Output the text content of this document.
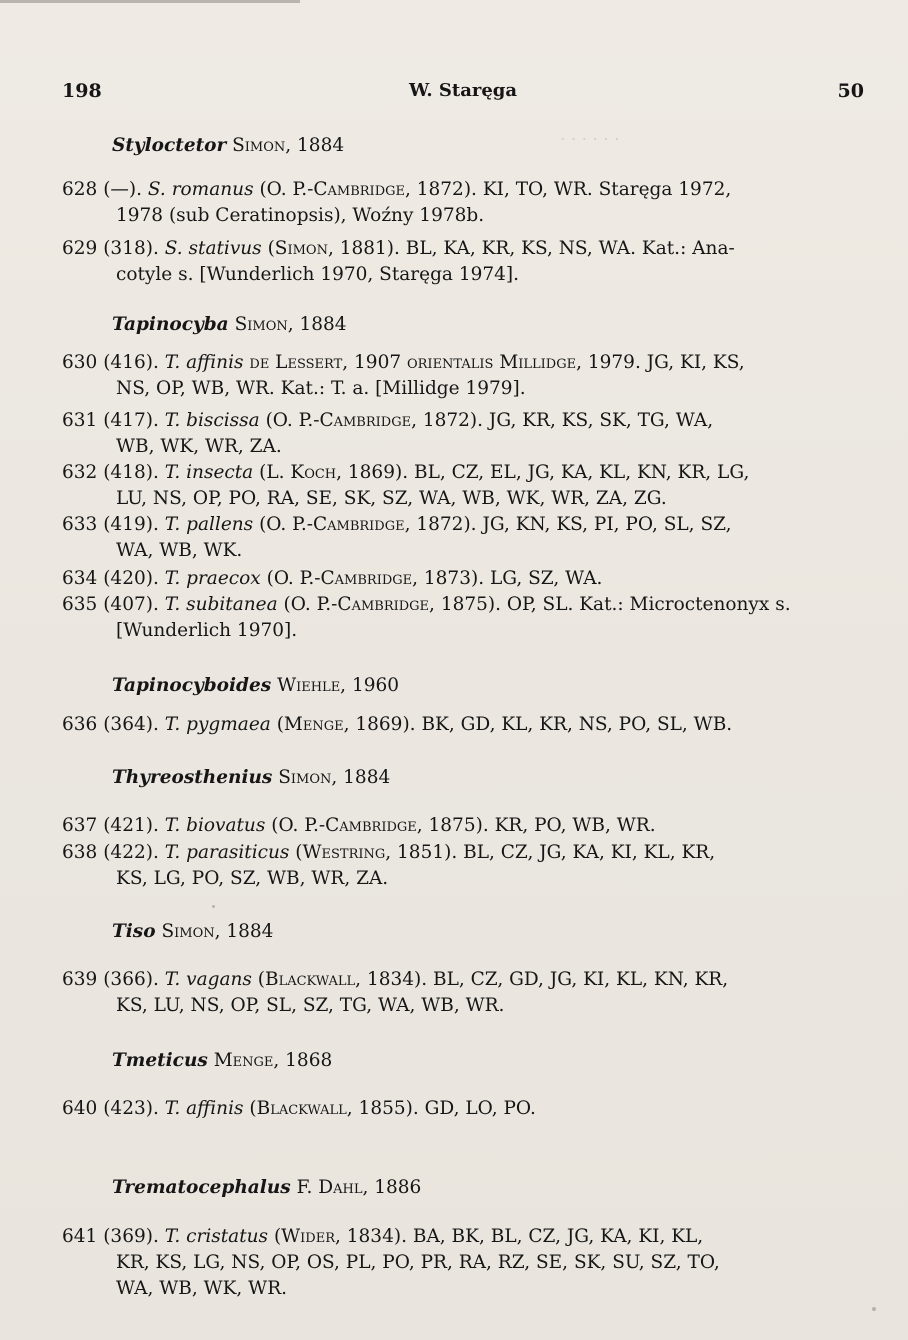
· · · · · ·
198	W. Staręga	50
Styloctetor Simon, 1884
628 (—). S. romanus (O. P.-Cambridge, 1872). KI, TO, WR. Staręga 1972,
1978 (sub Ceratinopsis), Woźny 1978b.
629 (318). S. stativus (Simon, 1881). BL, KA, KR, KS, NS, WA. Kat.: Ana-
cotyle s. [Wunderlich 1970, Staręga 1974].
Tapinocyba Simon, 1884
630 (416). T. affinis de Lessert, 1907 orientalis Millidge, 1979. JG, KI, KS,
NS, OP, WB, WR. Kat.: T. a. [Millidge 1979].
631 (417). T. biscissa (O. P.-Cambridge, 1872). JG, KR, KS, SK, TG, WA,
WB, WK, WR, ZA.
632 (418). T. insecta (L. Koch, 1869). BL, CZ, EL, JG, KA, KL, KN, KR, LG,
LU, NS, OP, PO, RA, SE, SK, SZ, WA, WB, WK, WR, ZA, ZG.
633 (419). T. pallens (O. P.-Cambridge, 1872). JG, KN, KS, PI, PO, SL, SZ,
WA, WB, WK.
634 (420). T. praecox (O. P.-Cambridge, 1873). LG, SZ, WA.
635 (407). T. subitanea (O. P.-Cambridge, 1875). OP, SL. Kat.: Microctenonyx s.
[Wunderlich 1970].
Tapinocyboides Wiehle, 1960
636 (364). T. pygmaea (Menge, 1869). BK, GD, KL, KR, NS, PO, SL, WB.
Thyreosthenius Simon, 1884
637 (421). T. biovatus (O. P.-Cambridge, 1875). KR, PO, WB, WR.
638 (422). T. parasiticus (Westring, 1851). BL, CZ, JG, KA, KI, KL, KR,
KS, LG, PO, SZ, WB, WR, ZA.
Tiso Simon, 1884
639 (366). T. vagans (Blackwall, 1834). BL, CZ, GD, JG, KI, KL, KN, KR,
KS, LU, NS, OP, SL, SZ, TG, WA, WB, WR.
Tmeticus Menge, 1868
640 (423). T. affinis (Blackwall, 1855). GD, LO, PO.
Trematocephalus F. Dahl, 1886
641 (369). T. cristatus (Wider, 1834). BA, BK, BL, CZ, JG, KA, KI, KL,
KR, KS, LG, NS, OP, OS, PL, PO, PR, RA, RZ, SE, SK, SU, SZ, TO,
WA, WB, WK, WR.
